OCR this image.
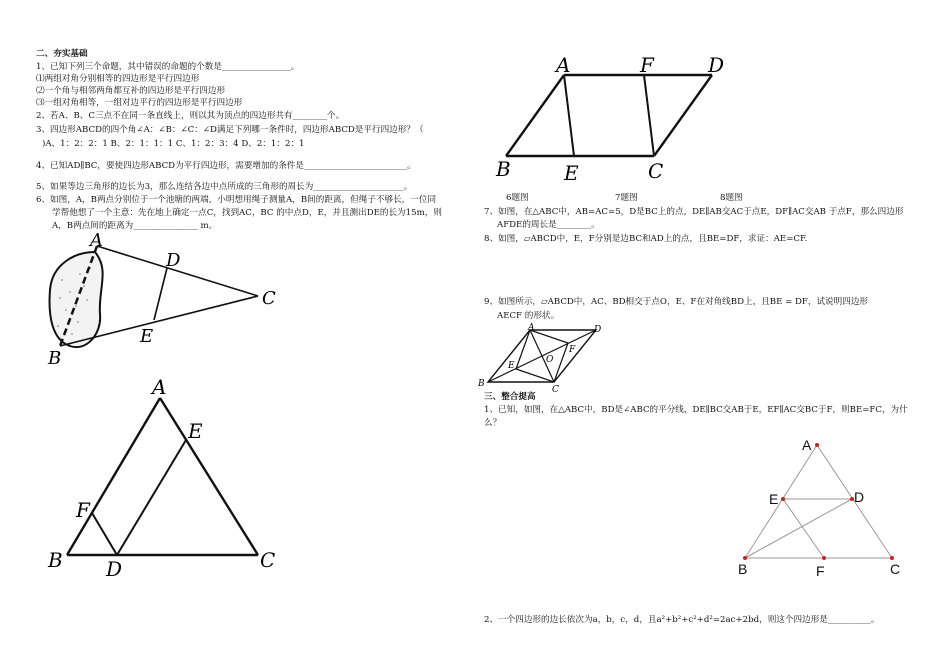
二、夯实基础
1、已知下列三个命题，其中错误的命题的个数是________________。
⑴两组对角分别相等的四边形是平行四边形
⑵一个角与相邻两角都互补的四边形是平行四边形
⑶一组对角相等，一组对边平行的四边形是平行四边形
2、若A、B、C三点不在同一条直线上，则以其为顶点的四边形共有________个。
3、四边形ABCD的四个角∠A：∠B：∠C：∠D满足下列哪一条件时，四边形ABCD是平行四边形？（
)A、1：2：2：1 B、2：1：1：1 C、1：2：3：4 D、2：1：2：1
4、已知AD∥BC，要使四边形ABCD为平行四边形，需要增加的条件是________________________。
5、如果等边三角形的边长为3，那么连结各边中点所成的三角形的周长为_____________________。
6、如图，A，B两点分别位于一个池塘的两端，小明想用绳子测量A，B间的距离，但绳子不够长，一位同
学帮他想了一个主意：先在地上确定一点C，找到AC，BC 的中点D，E，并且测出DE的长为15m，则
A，B两点间的距离为_______________ m。
A
B
C
D
E
A
E
F
B D	C
A	F	D
B	E	C
6题图	7题图	8题图
7、如图，在△ABC中，AB=AC=5，D是BC上的点，DE∥AB交AC于点E，DF∥AC交AB 于点F，那么四边形
AFDE的周长是________。
8、如图，▱ABCD中，E，F分别是边BC和AD上的点，且BE=DF，求证：AE=CF.
9、如图所示，▱ABCD中，AC、BD相交于点O，E、F在对角线BD上，且BE = DF，试说明四边形
AECF 的形状。
A	D
B
C
E
F
O
三、整合提高
1、已知，如图，在△ABC中，BD是∠ABC的平分线，DE∥BC交AB于E，EF∥AC交BC于F，则BE=FC，为什
么？
A
E	D
B	F	C
2、一个四边形的边长依次为a，b，c，d，且a²+b²+c²+d²=2ac+2bd，则这个四边形是__________。
